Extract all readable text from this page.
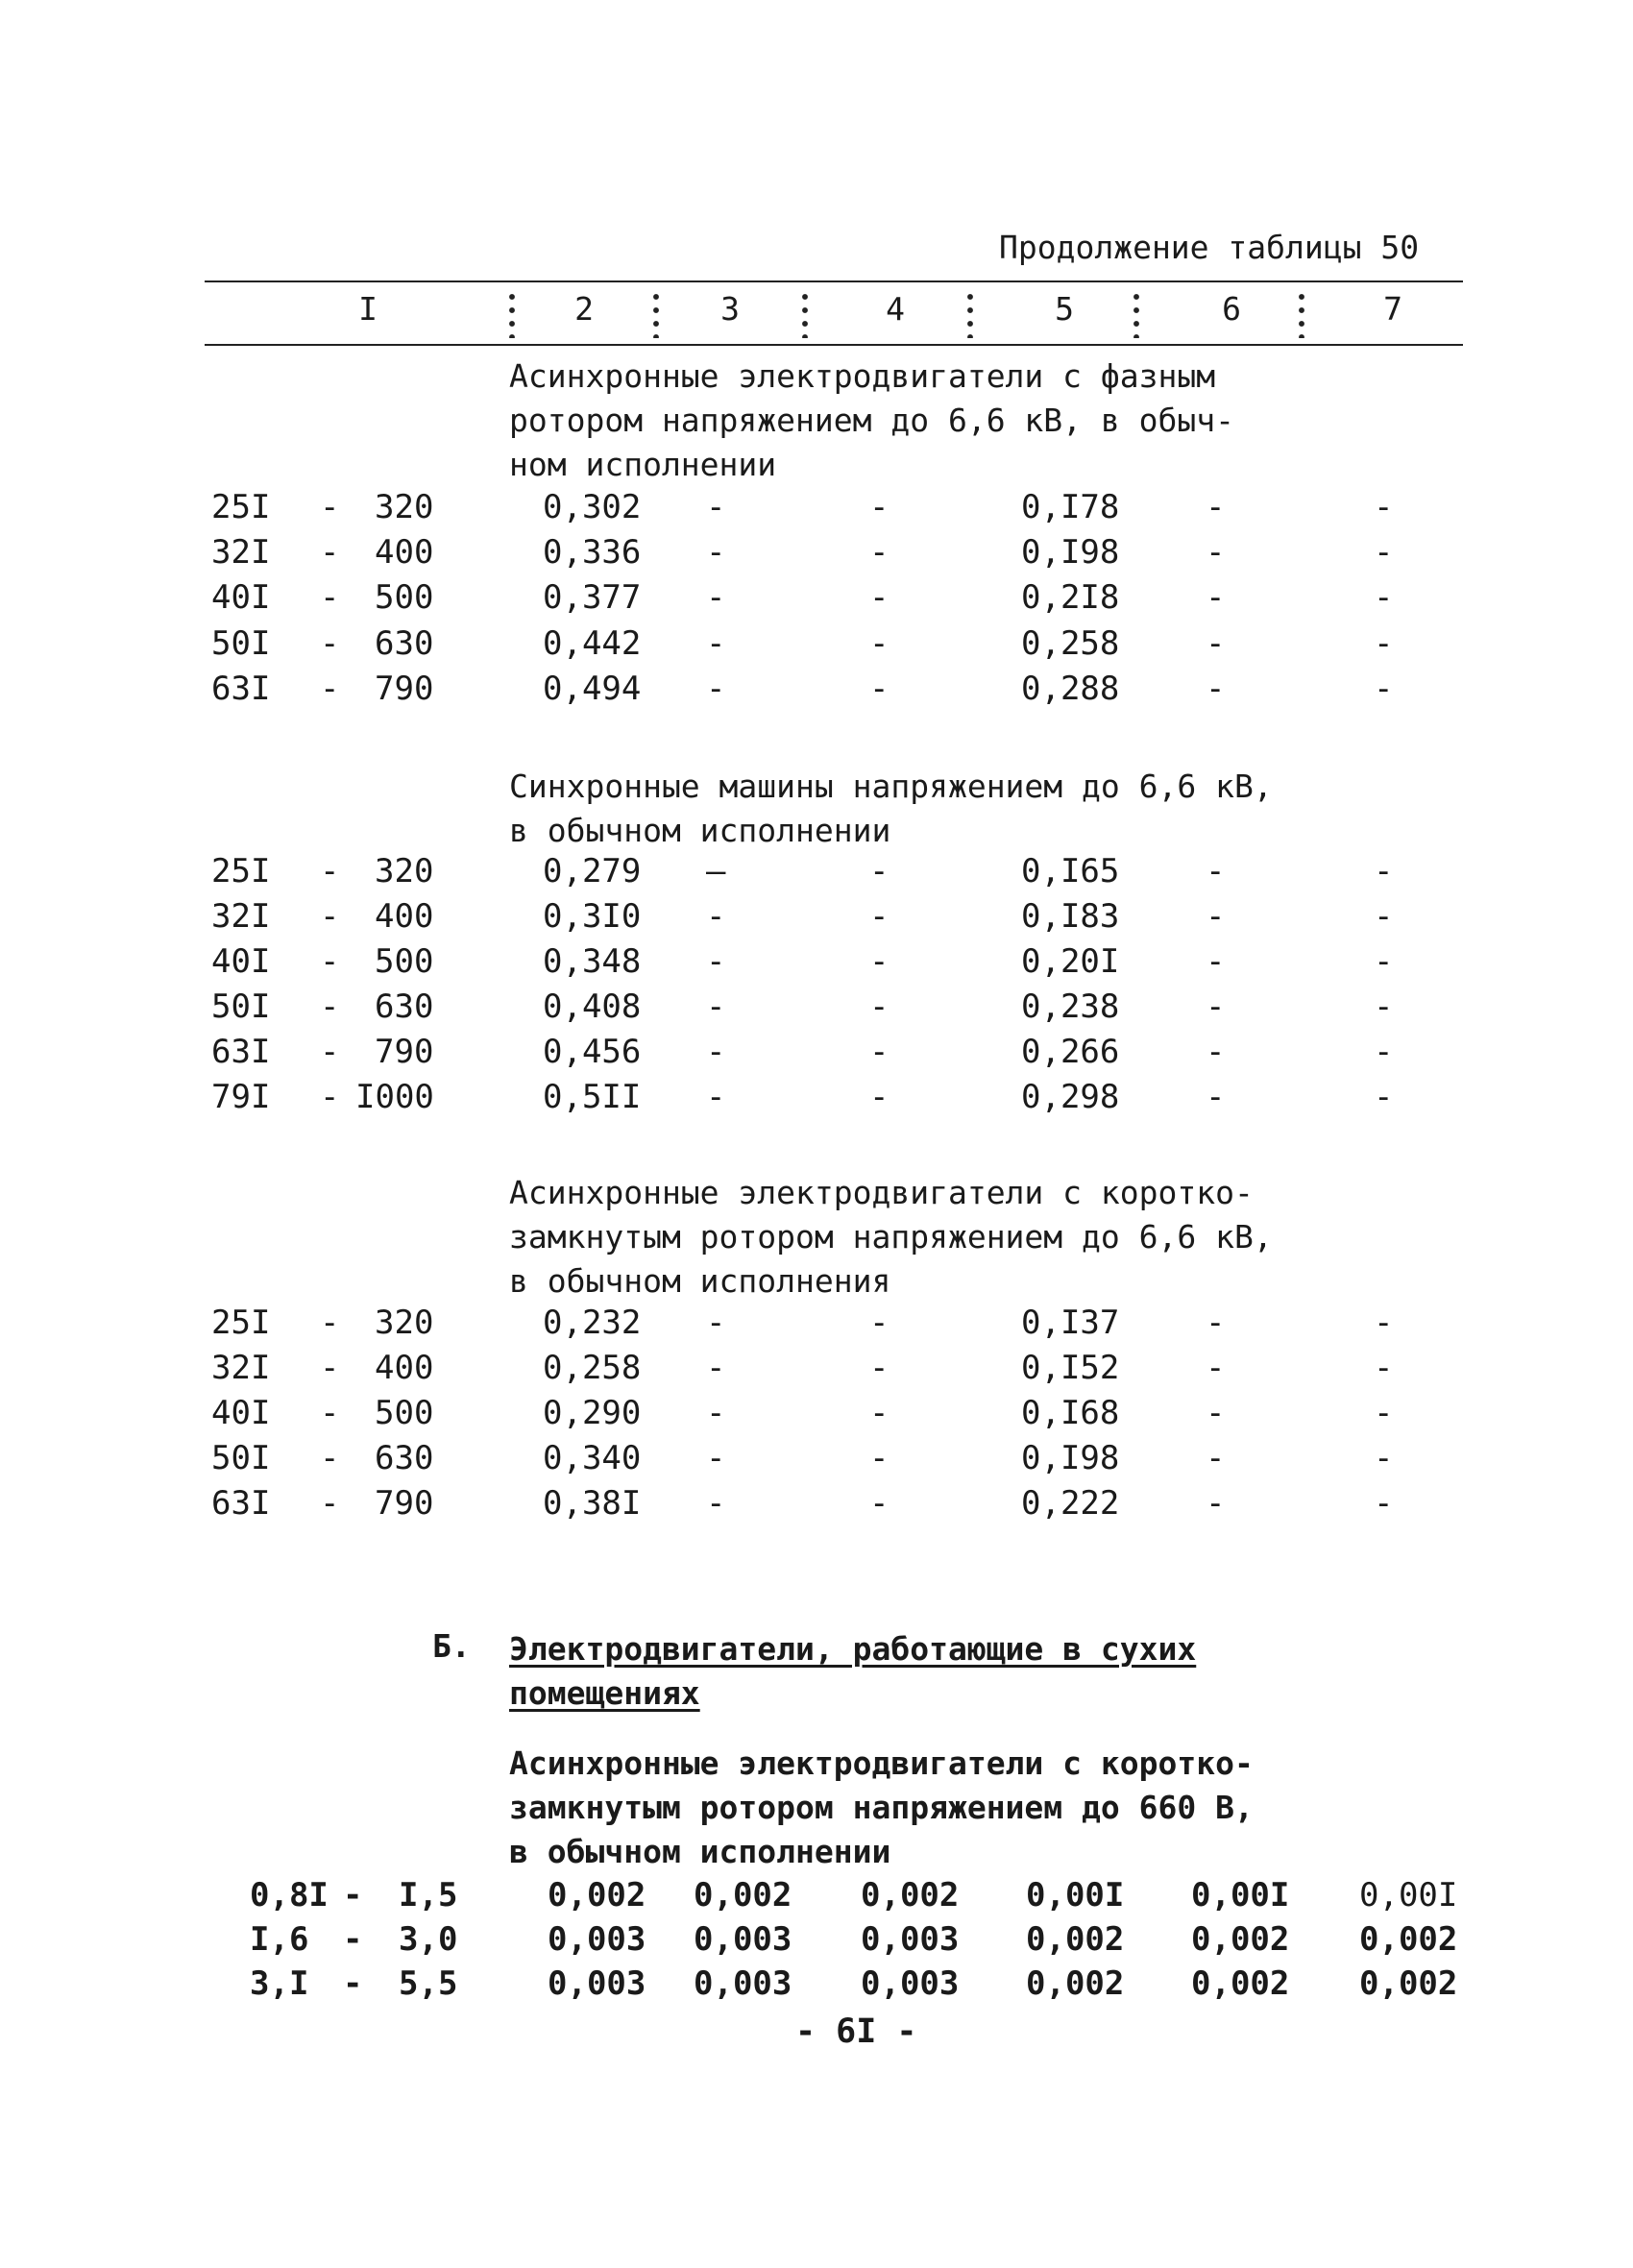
Продолжение таблицы 50
I	2	3	4	5	6	7
Асинхронные электродвигатели с фазным
ротором напряжением до 6,6 кВ, в обыч-
ном исполнении
25I - 320	0,302 -	-	0,I78	-	-
32I - 400	0,336 -	-	0,I98	-	-
40I - 500	0,377 -	-	0,2I8	-	-
50I - 630	0,442 -	-	0,258	-	-
63I - 790	0,494 -	-	0,288	-	-
Синхронные машины напряжением до 6,6 кВ,
в обычном исполнении
25I - 320	0,279 —	-	0,I65	-	-
32I - 400	0,3I0 -	-	0,I83	-	-
40I - 500	0,348 -	-	0,20I	-	-
50I - 630	0,408 -	-	0,238	-	-
63I - 790	0,456 -	-	0,266	-	-
79I - I000	0,5II -	-	0,298	-	-
Асинхронные электродвигатели с коротко-
замкнутым ротором напряжением до 6,6 кВ,
в обычном исполнения
25I - 320	0,232 -	-	0,I37	-	-
32I - 400	0,258 -	-	0,I52	-	-
40I - 500	0,290 -	-	0,I68	-	-
50I - 630	0,340 -	-	0,I98	-	-
63I - 790	0,38I -	-	0,222	-	-
Б. Электродвигатели, работающие в сухих
помещениях
Асинхронные электродвигатели с коротко-
замкнутым ротором напряжением до 660 В,
в обычном исполнении
0,8I - I,5	0,002 0,002 0,002 0,00I 0,00I 0,00I
I,6 - 3,0	0,003 0,003 0,003 0,002 0,002 0,002
3,I - 5,5	0,003 0,003 0,003 0,002 0,002 0,002
- 6I -
